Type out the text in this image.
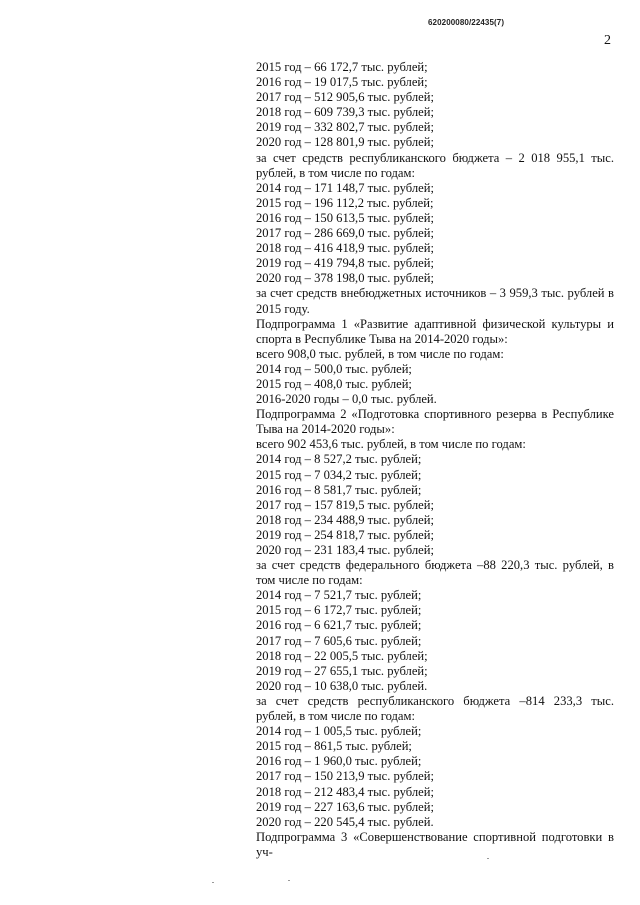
620200080/22435(7)
2
2015 год – 66 172,7 тыс. рублей;
2016 год – 19 017,5 тыс. рублей;
2017 год – 512 905,6 тыс. рублей;
2018 год – 609 739,3 тыс. рублей;
2019 год – 332 802,7 тыс. рублей;
2020 год – 128 801,9 тыс. рублей;
за счет средств республиканского бюджета – 2 018 955,1 тыс. рублей, в том числе по годам:
2014 год – 171 148,7 тыс. рублей;
2015 год – 196 112,2 тыс. рублей;
2016 год – 150 613,5 тыс. рублей;
2017 год – 286 669,0 тыс. рублей;
2018 год – 416 418,9 тыс. рублей;
2019 год – 419 794,8 тыс. рублей;
2020 год – 378 198,0 тыс. рублей;
за счет средств внебюджетных источников – 3 959,3 тыс. рублей в 2015 году.
Подпрограмма 1 «Развитие адаптивной физической культуры и спорта в Республике Тыва на 2014-2020 годы»:
всего 908,0 тыс. рублей, в том числе по годам:
2014 год – 500,0 тыс. рублей;
2015 год – 408,0 тыс. рублей;
2016-2020 годы – 0,0 тыс. рублей.
Подпрограмма 2 «Подготовка спортивного резерва в Республике Тыва на 2014-2020 годы»:
всего 902 453,6 тыс. рублей, в том числе по годам:
2014 год – 8 527,2 тыс. рублей;
2015 год – 7 034,2 тыс. рублей;
2016 год – 8 581,7 тыс. рублей;
2017 год – 157 819,5 тыс. рублей;
2018 год – 234 488,9 тыс. рублей;
2019 год – 254 818,7 тыс. рублей;
2020 год – 231 183,4 тыс. рублей;
за счет средств федерального бюджета –88 220,3 тыс. рублей, в том числе по годам:
2014 год – 7 521,7 тыс. рублей;
2015 год – 6 172,7 тыс. рублей;
2016 год – 6 621,7 тыс. рублей;
2017 год – 7 605,6 тыс. рублей;
2018 год – 22 005,5 тыс. рублей;
2019 год – 27 655,1 тыс. рублей;
2020 год – 10 638,0 тыс. рублей.
за счет средств республиканского бюджета –814 233,3 тыс. рублей, в том числе по годам:
2014 год – 1 005,5 тыс. рублей;
2015 год – 861,5 тыс. рублей;
2016 год – 1 960,0 тыс. рублей;
2017 год – 150 213,9 тыс. рублей;
2018 год – 212 483,4 тыс. рублей;
2019 год – 227 163,6 тыс. рублей;
2020 год – 220 545,4 тыс. рублей.
Подпрограмма 3 «Совершенствование спортивной подготовки в уч-
